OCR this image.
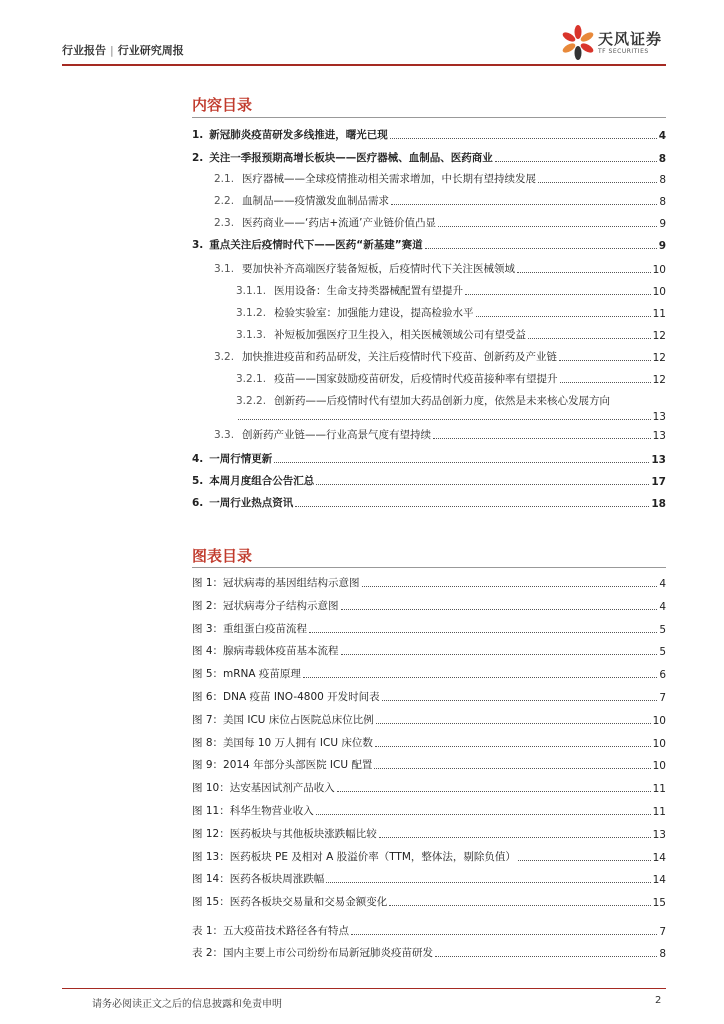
行业报告 | 行业研究周报
天风证券
TF SECURITIES
内容目录
1. 新冠肺炎疫苗研发多线推进，曙光已现	4
2. 关注一季报预期高增长板块——医疗器械、血制品、医药商业	8
2.1. 医疗器械——全球疫情推动相关需求增加，中长期有望持续发展	8
2.2. 血制品——疫情激发血制品需求	8
2.3. 医药商业——‘药店+流通’产业链价值凸显	9
3. 重点关注后疫情时代下——医药“新基建”赛道	9
3.1. 要加快补齐高端医疗装备短板，后疫情时代下关注医械领域	10
3.1.1. 医用设备：生命支持类器械配置有望提升	10
3.1.2. 检验实验室：加强能力建设，提高检验水平	11
3.1.3. 补短板加强医疗卫生投入，相关医械领域公司有望受益	12
3.2. 加快推进疫苗和药品研发，关注后疫情时代下疫苗、创新药及产业链	12
3.2.1. 疫苗——国家鼓励疫苗研发，后疫情时代疫苗接种率有望提升	12
3.2.2. 创新药——后疫情时代有望加大药品创新力度，依然是未来核心发展方向
13
3.3. 创新药产业链——行业高景气度有望持续	13
4. 一周行情更新	13
5. 本周月度组合公告汇总	17
6. 一周行业热点资讯	18
图表目录
图 1：冠状病毒的基因组结构示意图	4
图 2：冠状病毒分子结构示意图	4
图 3：重组蛋白疫苗流程	5
图 4：腺病毒载体疫苗基本流程	5
图 5：mRNA 疫苗原理	6
图 6：DNA 疫苗 INO-4800 开发时间表	7
图 7：美国 ICU 床位占医院总床位比例	10
图 8：美国每 10 万人拥有 ICU 床位数	10
图 9：2014 年部分头部医院 ICU 配置	10
图 10：达安基因试剂产品收入	11
图 11：科华生物营业收入	11
图 12：医药板块与其他板块涨跌幅比较	13
图 13：医药板块 PE 及相对 A 股溢价率（TTM，整体法，剔除负值）	14
图 14：医药各板块周涨跌幅	14
图 15：医药各板块交易量和交易金额变化	15
表 1：五大疫苗技术路径各有特点	7
表 2：国内主要上市公司纷纷布局新冠肺炎疫苗研发	8
请务必阅读正文之后的信息披露和免责申明	2
